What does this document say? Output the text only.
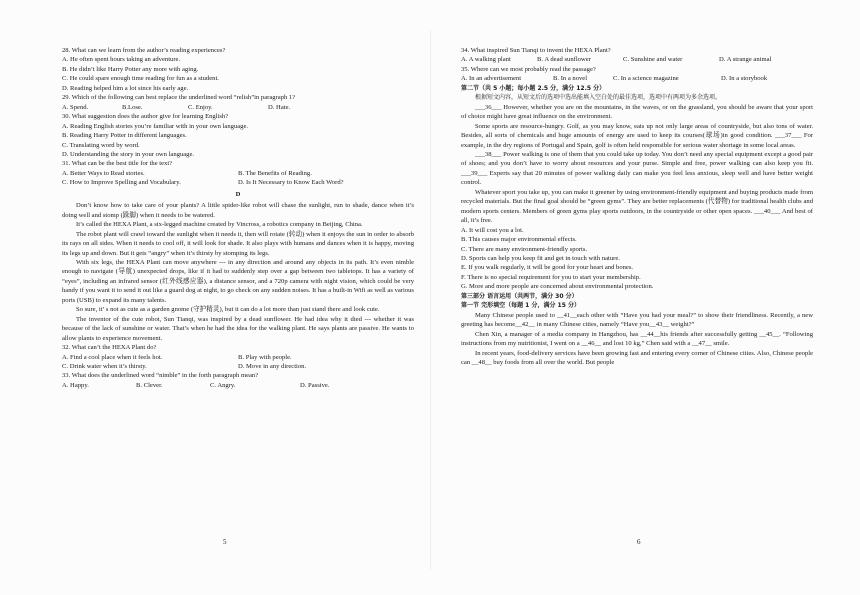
28. What can we learn from the author’s reading experiences?
A. He often spent hours taking an adventure.
B. He didn’t like Harry Potter any more with aging.
C. He could spare enough time reading for fun as a student.
D. Reading helped him a lot since his early age.
29. Which of the following can best replace the underlined word “relish”in paragraph 1?
A. Spend.	B.Lose.	C. Enjoy.	D. Hate.
30. What suggestion does the author give for learning English?
A. Reading English stories you’re familiar with in your own language.
B. Reading Harry Potter in different languages.
C. Translating word by word.
D. Understanding the story in your own language.
31. What can be the best title for the text?
A. Better Ways to Read stories.	B. The Benefits of Reading.
C. How to Improve Spelling and Vocabulary.	D. Is It Necessary to Know Each Word?
D
Don’t know how to take care of your plants? A little spider-like robot will chase the sunlight, run to shade, dance when it’s doing well and stomp (跺脚) when it needs to be watered.
It’s called the HEXA Plant, a six-legged machine created by Vincross, a robotics company in Beijing, China.
The robot plant will crawl toward the sunlight when it needs it, then will rotate (转动) when it enjoys the sun in order to absorb its rays on all sides. When it needs to cool off, it will look for shade. It also plays with humans and dances when it is happy, moving its legs up and down. But it gets “angry” when it’s thirsty by stomping its legs.
With six legs, the HEXA Plant can move anywhere --- in any direction and around any objects in its path. It’s even nimble enough to navigate (导航) unexpected drops, like if it had to suddenly step over a gap between two tabletops. It has a variety of “eyes”, including an infrared sensor (红外线感应器), a distance sensor, and a 720p camera with night vision, which could be very handy if you want it to send it out like a guard dog at night, to go check on any sudden noises. It has a built-in Wifi as well as various ports (USB) to expand its many talents.
So sure, it’ s not as cute as a garden gnome (守护精灵), but it can do a lot more than just stand there and look cute.
The inventor of the cute robot, Sun Tianqi, was inspired by a dead sunflower. He had idea why it died --- whether it was because of the lack of sunshine or water. That’s when he had the idea for the walking plant. He says plants are passive. He wants to allow plants to experience movement.
32. What can’t the HEXA Plant do?
A. Find a cool place when it feels hot.	B. Play with people.
C. Drink water when it’s thirsty.	D. Move in any direction.
33. What does the underlined word “nimble” in the forth paragraph mean?
A. Happy.	B. Clever.	C. Angry.	D. Passive.
5
34. What inspired Sun Tianqi to invent the HEXA Plant?
A. A walking plant	B. A dead sunflower	C. Sunshine and water	D. A strange animal
35. Where can we most probably read the passage?
A. In an advertisement	B. In a novel	C. In a science magazine	D. In a storybook
第二节（共 5 小题；每小题 2.5 分，满分 12.5 分）
根据短文内容，从短文后的选项中选出能填入空白处的最佳选项，选项中有两项为多余选项。
___36___ However, whether you are on the mountains, in the waves, or on the grassland, you should be aware that your sport of choice might have great influence on the environment.
Some sports are resource-hungry. Golf, as you may know, eats up not only large areas of countryside, but also tons of water. Besides, all sorts of chemicals and huge amounts of energy are used to keep its courses(球场)in good condition. ___37___ For example, in the dry regions of Portugal and Spain, golf is often held responsible for serious water shortage in some local areas.
___38___ Power walking is one of them that you could take up today. You don’t need any special equipment except a good pair of shoes; and you don’t have to worry about resources and your purse. Simple and free, power walking can also keep you fit. ___39___ Experts say that 20 minutes of power walking daily can make you feel less anxious, sleep well and have better weight control.
Whatever sport you take up, you can make it greener by using environment-friendly equipment and buying products made from recycled materials. But the final goal should be “green gyms”. They are better replacements (代替物) for traditional health clubs and modern sports centers. Members of green gyms play sports outdoors, in the countryside or other open spaces. ___40___ And best of all, it’s free.
A. It will cost you a lot.
B. This causes major environmental effects.
C. There are many environment-friendly sports.
D. Sports can help you keep fit and get in touch with nature.
E. If you walk regularly, it will be good for your heart and bones.
F. There is no special requirement for you to start your membership.
G. More and more people are concerned about environmental protection.
第三部分 语言运用（共两节，满分 30 分）
第一节 完形填空（每题 1 分，满分 15 分）
Many Chinese people used to __41__each other with “Have you had your meal?” to show their friendliness. Recently, a new greeting has become__42__ in many Chinese cities, namely “Have you__43__ weight?”
Chen Xin, a manager of a media company in Hangzhou, has __44__his friends after successfully getting __45__. “Following instructions from my nutritionist, I went on a __46__ and lost 10 kg,” Chen said with a __47__ smile.
In recent years, food-delivery services have been growing fast and entering every corner of Chinese cities. Also, Chinese people can __48__ buy foods from all over the world. But people
6
